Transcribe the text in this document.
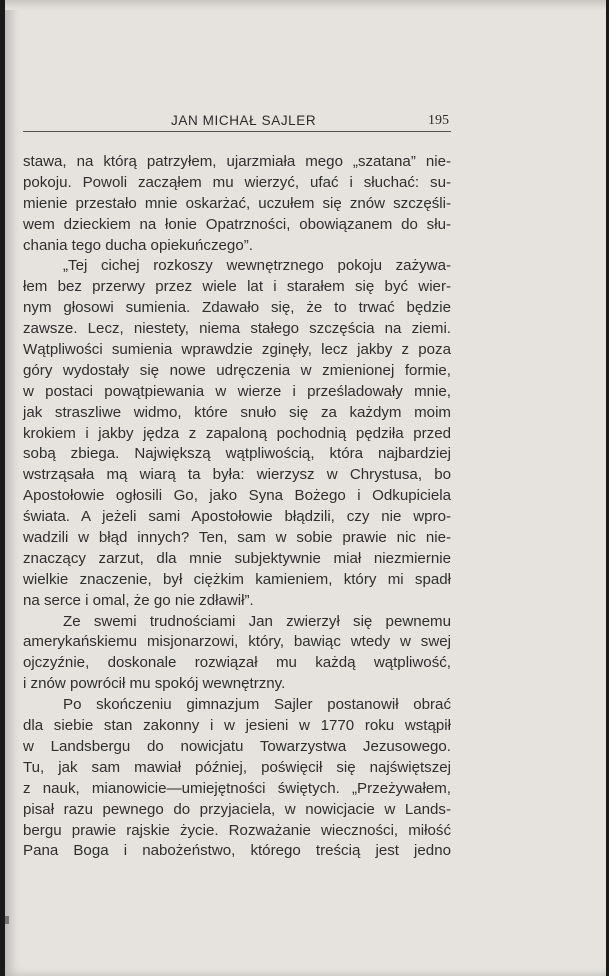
JAN MICHAŁ SAJLER	195
stawa, na którą patrzyłem, ujarzmiała mego „szatana” nie-
pokoju. Powoli zacząłem mu wierzyć, ufać i słuchać: su-
mienie przestało mnie oskarżać, uczułem się znów szczęśli-
wem dzieckiem na łonie Opatrzności, obowiązanem do słu-
chania tego ducha opiekuńczego”.
„Tej cichej rozkoszy wewnętrznego pokoju zażywa-
łem bez przerwy przez wiele lat i starałem się być wier-
nym głosowi sumienia. Zdawało się, że to trwać będzie
zawsze. Lecz, niestety, niema stałego szczęścia na ziemi.
Wątpliwości sumienia wprawdzie zginęły, lecz jakby z poza
góry wydostały się nowe udręczenia w zmienionej formie,
w postaci powątpiewania w wierze i prześladowały mnie,
jak straszliwe widmo, które snuło się za każdym moim
krokiem i jakby jędza z zapaloną pochodnią pędziła przed
sobą zbiega. Największą wątpliwością, która najbardziej
wstrząsała mą wiarą ta była: wierzysz w Chrystusa, bo
Apostołowie ogłosili Go, jako Syna Bożego i Odkupiciela
świata. A jeżeli sami Apostołowie błądzili, czy nie wpro-
wadzili w błąd innych? Ten, sam w sobie prawie nic nie-
znaczący zarzut, dla mnie subjektywnie miał niezmiernie
wielkie znaczenie, był ciężkim kamieniem, który mi spadł
na serce i omal, że go nie zdławił”.
Ze swemi trudnościami Jan zwierzył się pewnemu
amerykańskiemu misjonarzowi, który, bawiąc wtedy w swej
ojczyźnie, doskonale rozwiązał mu każdą wątpliwość,
i znów powrócił mu spokój wewnętrzny.
Po skończeniu gimnazjum Sajler postanowił obrać
dla siebie stan zakonny i w jesieni w 1770 roku wstąpił
w Landsbergu do nowicjatu Towarzystwa Jezusowego.
Tu, jak sam mawiał później, poświęcił się najświętszej
z nauk, mianowicie—umiejętności świętych. „Przeżywałem,
pisał razu pewnego do przyjaciela, w nowicjacie w Lands-
bergu prawie rajskie życie. Rozważanie wieczności, miłość
Pana Boga i nabożeństwo, którego treścią jest jedno
